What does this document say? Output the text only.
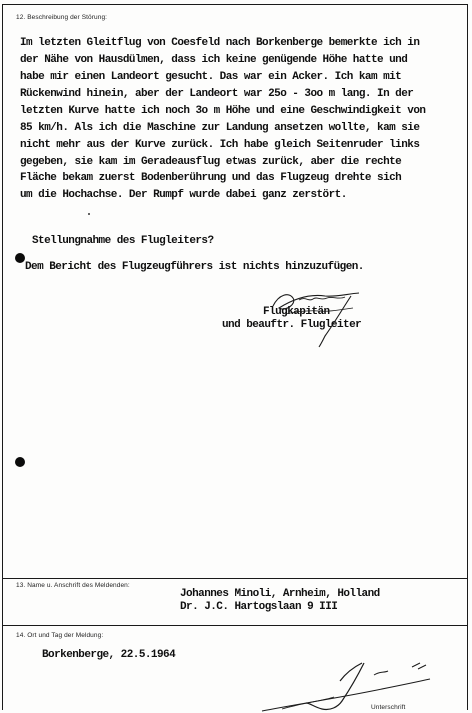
12. Beschreibung der Störung:
Im letzten Gleitflug von Coesfeld nach Borkenberge bemerkte ich in
der Nähe von Hausdülmen, dass ich keine genügende Höhe hatte und
habe mir einen Landeort gesucht. Das war ein Acker. Ich kam mit
Rückenwind hinein, aber der Landeort war 25o - 3oo m lang. In der
letzten Kurve hatte ich noch 3o m Höhe und eine Geschwindigkeit von
85 km/h. Als ich die Maschine zur Landung ansetzen wollte, kam sie
nicht mehr aus der Kurve zurück. Ich habe gleich Seitenruder links
gegeben, sie kam im Geradeausflug etwas zurück, aber die rechte
Fläche bekam zuerst Bodenberührung und das Flugzeug drehte sich
um die Hochachse. Der Rumpf wurde dabei ganz zerstört.
Stellungnahme des Flugleiters?
Dem Bericht des Flugzeugführers ist nichts hinzuzufügen.
Flugkapitän
und beauftr. Flugleiter
13. Name u. Anschrift des Meldenden:
Johannes Minoli, Arnheim, Holland
Dr. J.C. Hartogslaan 9 III
14. Ort und Tag der Meldung:
Borkenberge, 22.5.1964
Unterschrift
